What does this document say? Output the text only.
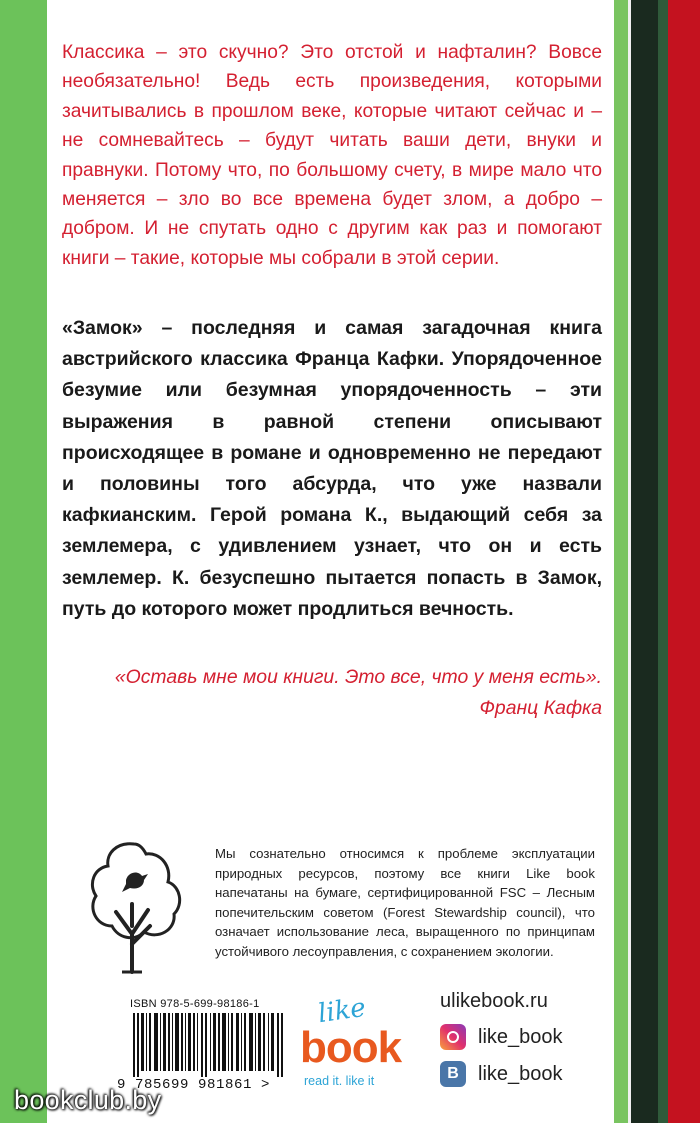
Классика – это скучно? Это отстой и нафталин? Вовсе необязательно! Ведь есть произведения, которыми зачитывались в прошлом веке, которые читают сейчас и – не сомневайтесь – будут читать ваши дети, внуки и правнуки. Потому что, по большому счету, в мире мало что меняется – зло во все времена будет злом, а добро – добром. И не спутать одно с другим как раз и помогают книги – такие, которые мы собрали в этой серии.

«Замок» – последняя и самая загадочная книга австрийского классика Франца Кафки. Упорядоченное безумие или безумная упорядоченность – эти выражения в равной степени описывают происходящее в романе и одновременно не передают и половины того абсурда, что уже назвали кафкианским. Герой романа К., выдающий себя за землемера, с удивлением узнает, что он и есть землемер. К. безуспешно пытается попасть в Замок, путь до которого может продлиться вечность.

«Оставь мне мои книги. Это все, что у меня есть».
Франц Кафка

Мы сознательно относимся к проблеме эксплуатации природных ресурсов, поэтому все книги Like book напечатаны на бумаге, сертифицированной FSC – Лесным попечительским советом (Forest Stewardship council), что означает использование леса, выращенного по принципам устойчивого лесоуправления, с сохранением экологии.

ISBN 978-5-699-98186-1
9 785699 981861 >
like
book
read it. like it
ulikebook.ru
like_book
B like_book
bookclub.by
